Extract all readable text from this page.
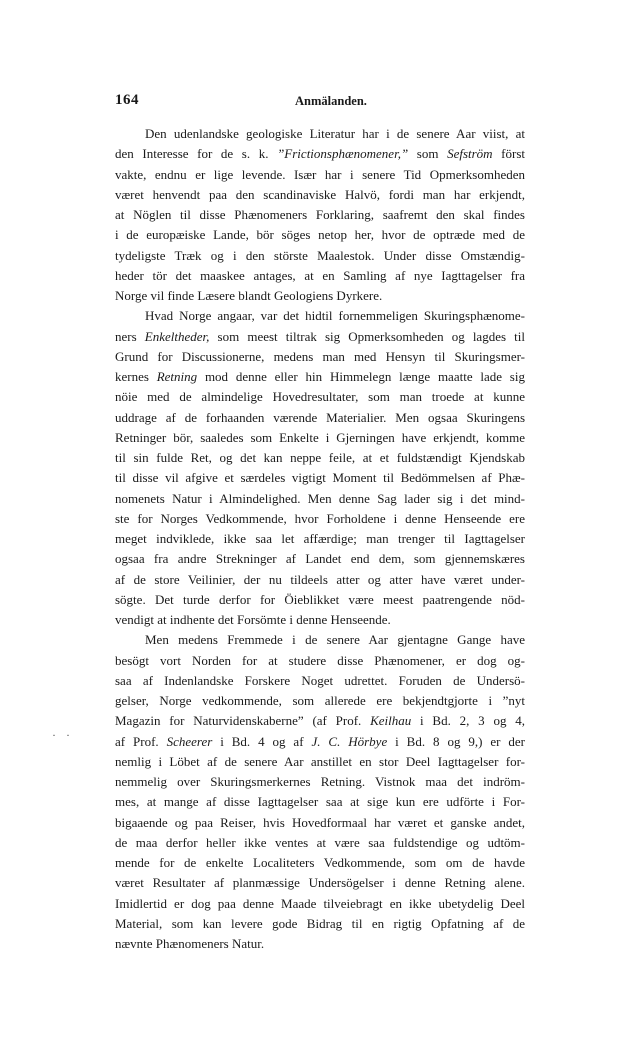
164	Anmälanden.

Den udenlandske geologiske Literatur har i de senere Aar viist, at
den Interesse for de s. k. ”Frictionsphænomener,” som Sefström först
vakte, endnu er lige levende. Især har i senere Tid Opmerksomheden
været henvendt paa den scandinaviske Halvö, fordi man har erkjendt,
at Nöglen til disse Phænomeners Forklaring, saafremt den skal findes
i de europæiske Lande, bör söges netop her, hvor de optræde med de
tydeligste Træk og i den störste Maalestok. Under disse Omstændig-
heder tör det maaskee antages, at en Samling af nye Iagttagelser fra
Norge vil finde Læsere blandt Geologiens Dyrkere.

Hvad Norge angaar, var det hidtil fornemmeligen Skuringsphænome-
ners Enkeltheder, som meest tiltrak sig Opmerksomheden og lagdes til
Grund for Discussionerne, medens man med Hensyn til Skuringsmer-
kernes Retning mod denne eller hin Himmelegn længe maatte lade sig
nöie med de almindelige Hovedresultater, som man troede at kunne
uddrage af de forhaanden værende Materialier. Men ogsaa Skuringens
Retninger bör, saaledes som Enkelte i Gjerningen have erkjendt, komme
til sin fulde Ret, og det kan neppe feile, at et fuldstændigt Kjendskab
til disse vil afgive et særdeles vigtigt Moment til Bedömmelsen af Phæ-
nomenets Natur i Almindelighed. Men denne Sag lader sig i det mind-
ste for Norges Vedkommende, hvor Forholdene i denne Henseende ere
meget indviklede, ikke saa let affærdige; man trenger til Iagttagelser
ogsaa fra andre Strekninger af Landet end dem, som gjennemskæres
af de store Veilinier, der nu tildeels atter og atter have været under-
sögte. Det turde derfor for Öieblikket være meest paatrengende nöd-
vendigt at indhente det Forsömte i denne Henseende.

Men medens Fremmede i de senere Aar gjentagne Gange have
besögt vort Norden for at studere disse Phænomener, er dog og-
saa af Indenlandske Forskere Noget udrettet. Foruden de Undersö-
gelser, Norge vedkommende, som allerede ere bekjendtgjorte i ”nyt
Magazin for Naturvidenskaberne” (af Prof. Keilhau i Bd. 2, 3 og 4,
af Prof. Scheerer i Bd. 4 og af J. C. Hörbye i Bd. 8 og 9,) er der
nemlig i Löbet af de senere Aar anstillet en stor Deel Iagttagelser for-
nemmelig over Skuringsmerkernes Retning. Vistnok maa det indröm-
mes, at mange af disse Iagttagelser saa at sige kun ere udförte i For-
bigaaende og paa Reiser, hvis Hovedformaal har været et ganske andet,
de maa derfor heller ikke ventes at være saa fuldstendige og udtöm-
mende for de enkelte Localiteters Vedkommende, som om de havde
været Resultater af planmæssige Undersögelser i denne Retning alene.
Imidlertid er dog paa denne Maade tilveiebragt en ikke ubetydelig Deel
Material, som kan levere gode Bidrag til en rigtig Opfatning af de
nævnte Phænomeners Natur.

· ·
